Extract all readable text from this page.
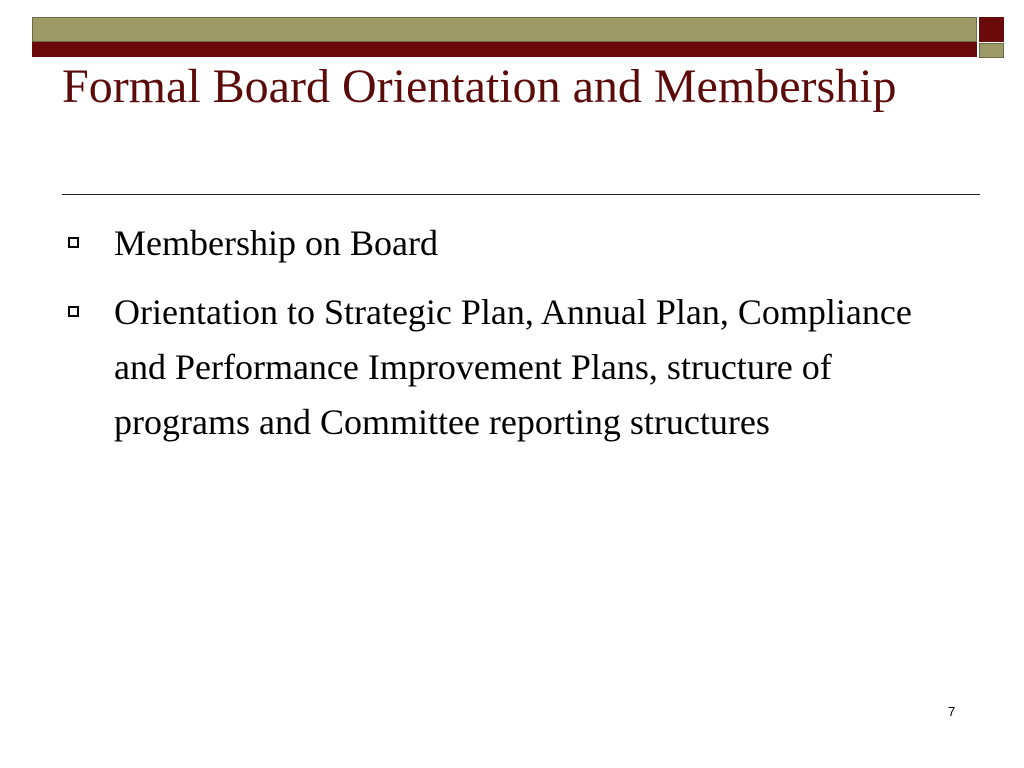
Formal Board Orientation and Membership
Membership on Board
Orientation to Strategic Plan, Annual Plan, Compliance and Performance Improvement Plans, structure of programs and Committee reporting structures
7
